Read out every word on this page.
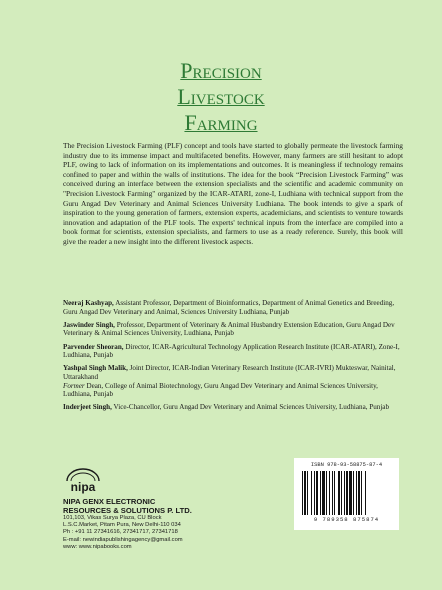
Precision
Livestock
Farming

The Precision Livestock Farming (PLF) concept and tools have started to globally permeate the livestock farming industry due to its immense impact and multifaceted benefits. However, many farmers are still hesitant to adopt PLF, owing to lack of information on its implementations and outcomes. It is meaningless if technology remains confined to paper and within the walls of institutions. The idea for the book “Precision Livestock Farming” was conceived during an interface between the extension specialists and the scientific and academic community on "Precision Livestock Farming" organized by the ICAR-ATARI, zone-I, Ludhiana with technical support from the Guru Angad Dev Veterinary and Animal Sciences University Ludhiana. The book intends to give a spark of inspiration to the young generation of farmers, extension experts, academicians, and scientists to venture towards innovation and adaptation of the PLF tools. The experts' technical inputs from the interface are compiled into a book format for scientists, extension specialists, and farmers to use as a ready reference. Surely, this book will give the reader a new insight into the different livestock aspects.

Neeraj Kashyap, Assistant Professor, Department of Bioinformatics, Department of Animal Genetics and Breeding, Guru Angad Dev Veterinary and Animal, Sciences University Ludhiana, Punjab
Jaswinder Singh, Professor, Department of Veterinary & Animal Husbandry Extension Education, Guru Angad Dev Veterinary & Animal Sciences University, Ludhiana, Punjab
Parvender Sheoran, Director, ICAR-Agricultural Technology Application Research Institute (ICAR-ATARI), Zone-I, Ludhiana, Punjab
Yashpal Singh Malik, Joint Director, ICAR-Indian Veterinary Research Institute (ICAR-IVRI) Mukteswar, Nainital, Uttarakhand
Former Dean, College of Animal Biotechnology, Guru Angad Dev Veterinary and Animal Sciences University, Ludhiana, Punjab
Inderjeet Singh, Vice-Chancellor, Guru Angad Dev Veterinary and Animal Sciences University, Ludhiana, Punjab
nipa
NIPA GENX ELECTRONIC
RESOURCES & SOLUTIONS P. LTD.
101,103, Vikas Surya Plaza, CU Block
L.S.C.Market, Pitam Pura, New Delhi-110 034
Ph : +91 11 27341616, 27341717, 27341718
E-mail: newindiapublishingagency@gmail.com
www: www.nipabooks.com
ISBN 978-93-58875-87-4
9 789358 875874
